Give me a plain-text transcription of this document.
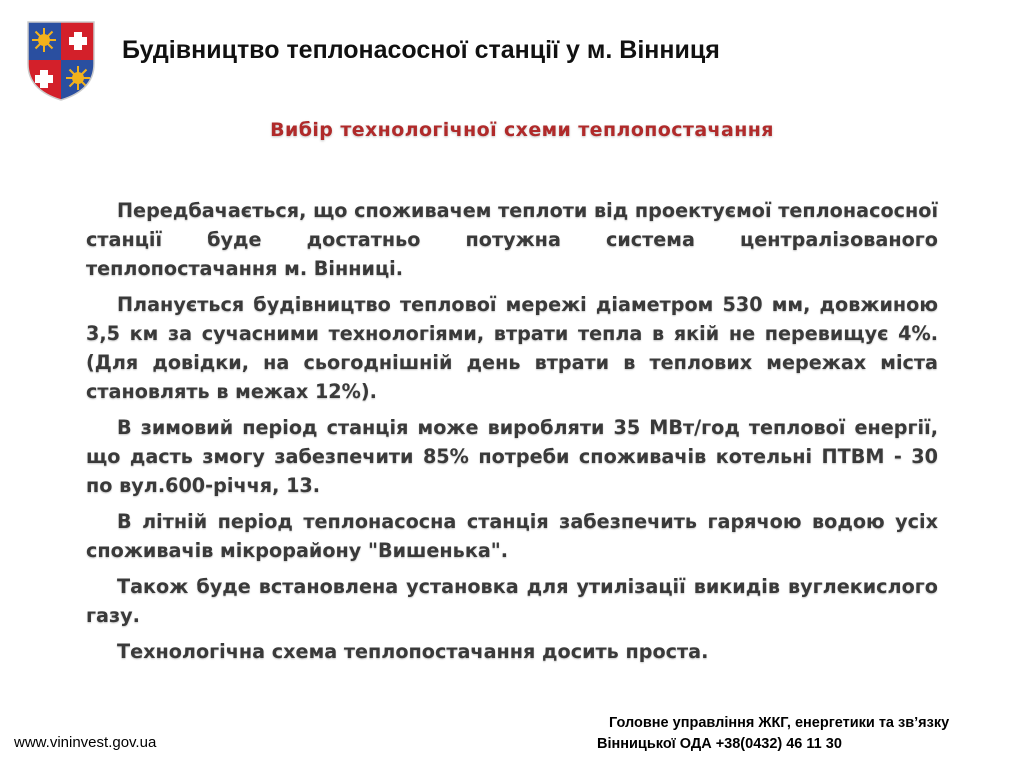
Будівництво теплонасосної станції у м. Вінниця
Вибір технологічної схеми теплопостачання

Передбачається, що споживачем теплоти від проектуємої теплонасосної станції буде достатньо потужна система централізованого теплопостачання м. Вінниці.

Планується будівництво теплової мережі діаметром 530 мм, довжиною 3,5 км за сучасними технологіями, втрати тепла в якій не перевищує 4%. (Для довідки, на сьогоднішній день втрати в теплових мережах міста становлять в межах 12%).

В зимовий період станція може виробляти 35 МВт/год теплової енергії, що дасть змогу забезпечити 85% потреби споживачів котельні ПТВМ - 30 по вул.600-річчя, 13.

В літній період теплонасосна станція забезпечить гарячою водою усіх споживачів мікрорайону "Вишенька".

Також буде встановлена установка для утилізації викидів вуглекислого газу.

Технологічна схема теплопостачання досить проста.

www.vininvest.gov.ua
Головне управління ЖКГ, енергетики та зв’язку
Вінницької ОДА +38(0432) 46 11 30
